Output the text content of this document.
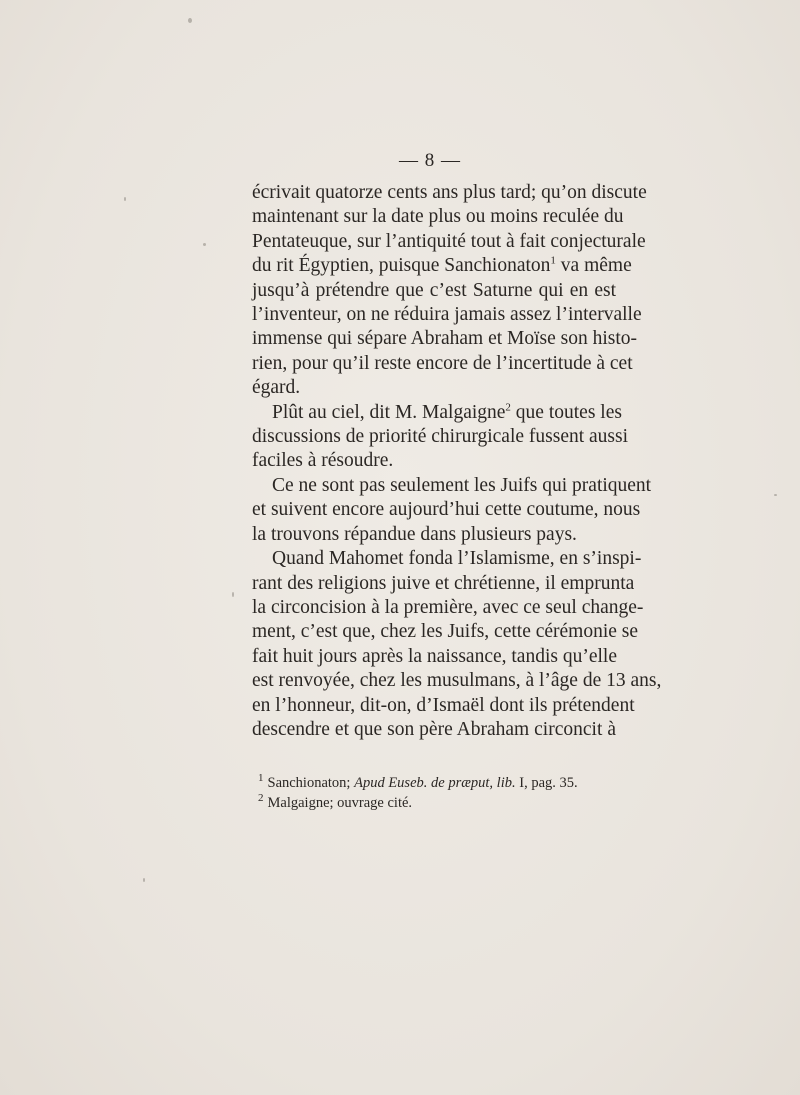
— 8 —

écrivait quatorze cents ans plus tard; qu’on discute
maintenant sur la date plus ou moins reculée du
Pentateuque, sur l’antiquité tout à fait conjecturale
du rit Égyptien, puisque Sanchionaton$^1$ va même
jusqu’à prétendre que c’est Saturne qui en est
l’inventeur, on ne réduira jamais assez l’intervalle
immense qui sépare Abraham et Moïse son histo-
rien, pour qu’il reste encore de l’incertitude à cet
égard.

Plût au ciel, dit M. Malgaigne$^2$ que toutes les
discussions de priorité chirurgicale fussent aussi
faciles à résoudre.

Ce ne sont pas seulement les Juifs qui pratiquent
et suivent encore aujourd’hui cette coutume, nous
la trouvons répandue dans plusieurs pays.

Quand Mahomet fonda l’Islamisme, en s’inspi-
rant des religions juive et chrétienne, il emprunta
la circoncision à la première, avec ce seul change-
ment, c’est que, chez les Juifs, cette cérémonie se
fait huit jours après la naissance, tandis qu’elle
est renvoyée, chez les musulmans, à l’âge de 13 ans,
en l’honneur, dit-on, d’Ismaël dont ils prétendent
descendre et que son père Abraham circoncit à

$^1$ Sanchionaton; Apud Euseb. de præput, lib. I, pag. 35.
$^2$ Malgaigne; ouvrage cité.
